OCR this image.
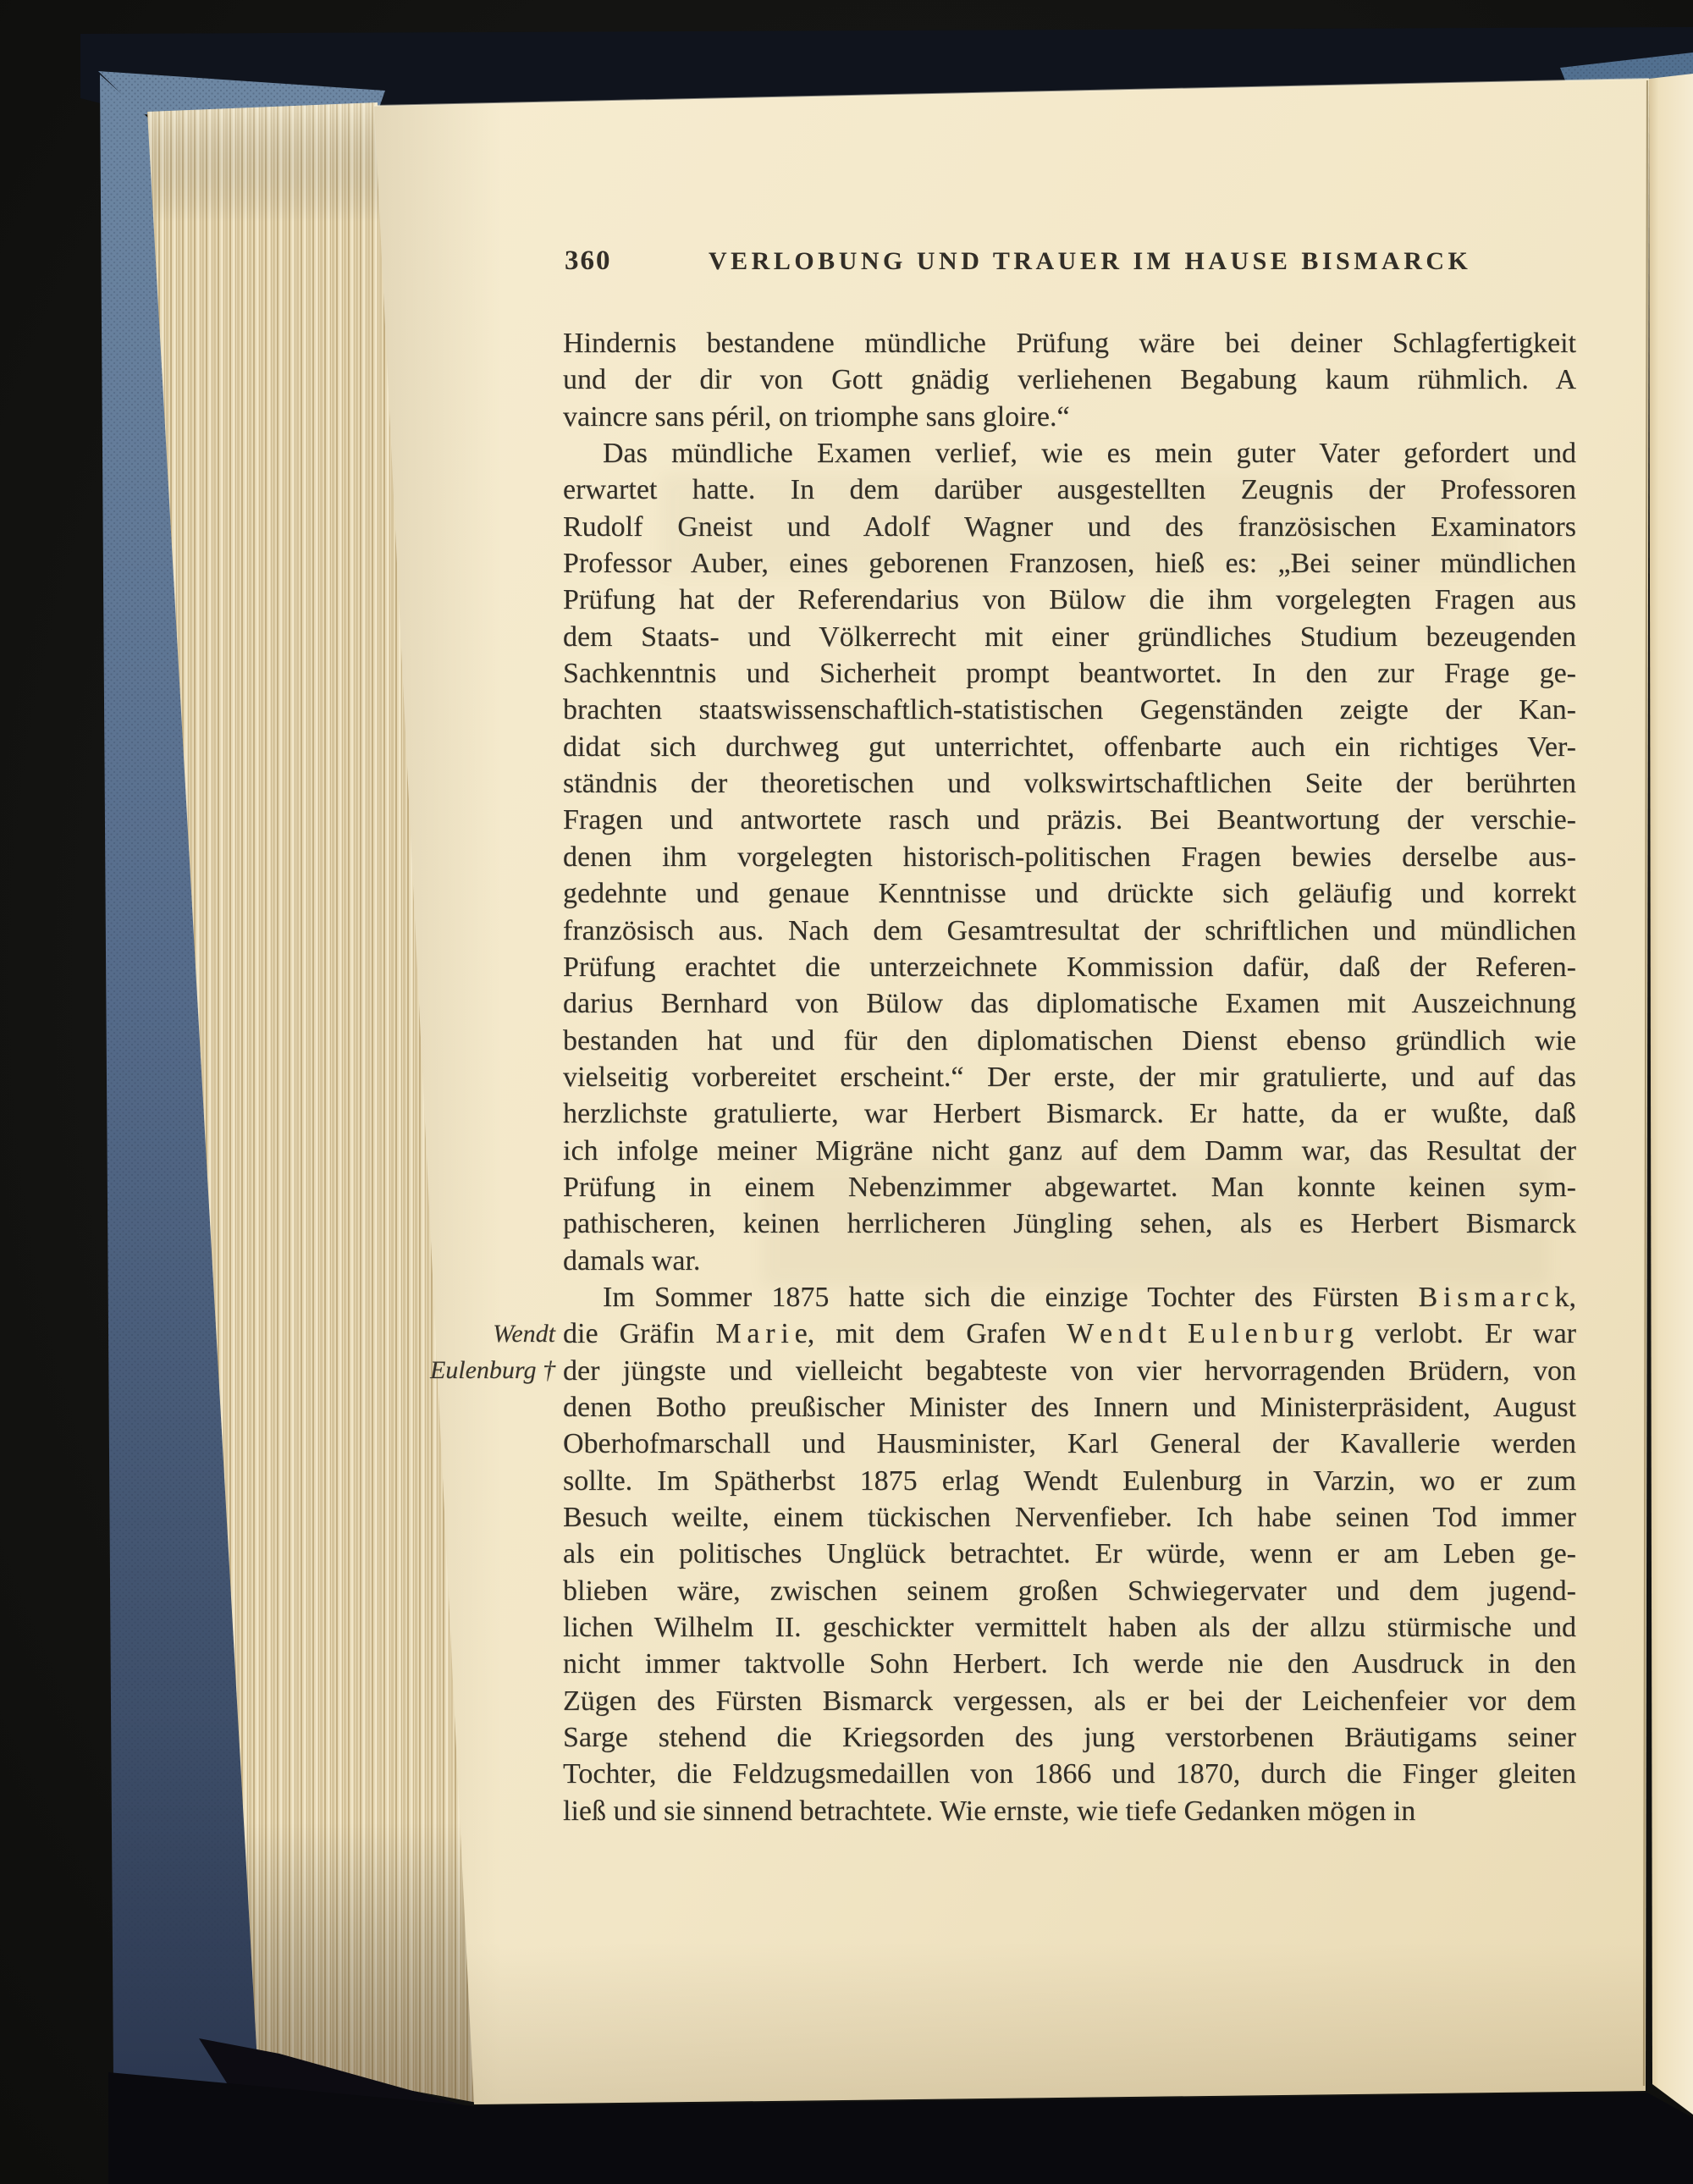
360	VERLOBUNG UND TRAUER IM HAUSE BISMARCK
Wendt
Eulenburg †
Hindernis bestandene mündliche Prüfung wäre bei deiner Schlagfertigkeit
und der dir von Gott gnädig verliehenen Begabung kaum rühmlich. A
vaincre sans péril, on triomphe sans gloire.“
Das mündliche Examen verlief, wie es mein guter Vater gefordert und
erwartet hatte. In dem darüber ausgestellten Zeugnis der Professoren
Rudolf Gneist und Adolf Wagner und des französischen Examinators
Professor Auber, eines geborenen Franzosen, hieß es: „Bei seiner mündlichen
Prüfung hat der Referendarius von Bülow die ihm vorgelegten Fragen aus
dem Staats- und Völkerrecht mit einer gründliches Studium bezeugenden
Sachkenntnis und Sicherheit prompt beantwortet. In den zur Frage ge-
brachten staatswissenschaftlich-statistischen Gegenständen zeigte der Kan-
didat sich durchweg gut unterrichtet, offenbarte auch ein richtiges Ver-
ständnis der theoretischen und volkswirtschaftlichen Seite der berührten
Fragen und antwortete rasch und präzis. Bei Beantwortung der verschie-
denen ihm vorgelegten historisch-politischen Fragen bewies derselbe aus-
gedehnte und genaue Kenntnisse und drückte sich geläufig und korrekt
französisch aus. Nach dem Gesamtresultat der schriftlichen und mündlichen
Prüfung erachtet die unterzeichnete Kommission dafür, daß der Referen-
darius Bernhard von Bülow das diplomatische Examen mit Auszeichnung
bestanden hat und für den diplomatischen Dienst ebenso gründlich wie
vielseitig vorbereitet erscheint.“ Der erste, der mir gratulierte, und auf das
herzlichste gratulierte, war Herbert Bismarck. Er hatte, da er wußte, daß
ich infolge meiner Migräne nicht ganz auf dem Damm war, das Resultat der
Prüfung in einem Nebenzimmer abgewartet. Man konnte keinen sym-
pathischeren, keinen herrlicheren Jüngling sehen, als es Herbert Bismarck
damals war.
Im Sommer 1875 hatte sich die einzige Tochter des Fürsten B i s m a r c k,
die Gräfin M a r i e, mit dem Grafen W e n d t E u l e n b u r g verlobt. Er war
der jüngste und vielleicht begabteste von vier hervorragenden Brüdern, von
denen Botho preußischer Minister des Innern und Ministerpräsident, August
Oberhofmarschall und Hausminister, Karl General der Kavallerie werden
sollte. Im Spätherbst 1875 erlag Wendt Eulenburg in Varzin, wo er zum
Besuch weilte, einem tückischen Nervenfieber. Ich habe seinen Tod immer
als ein politisches Unglück betrachtet. Er würde, wenn er am Leben ge-
blieben wäre, zwischen seinem großen Schwiegervater und dem jugend-
lichen Wilhelm II. geschickter vermittelt haben als der allzu stürmische und
nicht immer taktvolle Sohn Herbert. Ich werde nie den Ausdruck in den
Zügen des Fürsten Bismarck vergessen, als er bei der Leichenfeier vor dem
Sarge stehend die Kriegsorden des jung verstorbenen Bräutigams seiner
Tochter, die Feldzugsmedaillen von 1866 und 1870, durch die Finger gleiten
ließ und sie sinnend betrachtete. Wie ernste, wie tiefe Gedanken mögen in
